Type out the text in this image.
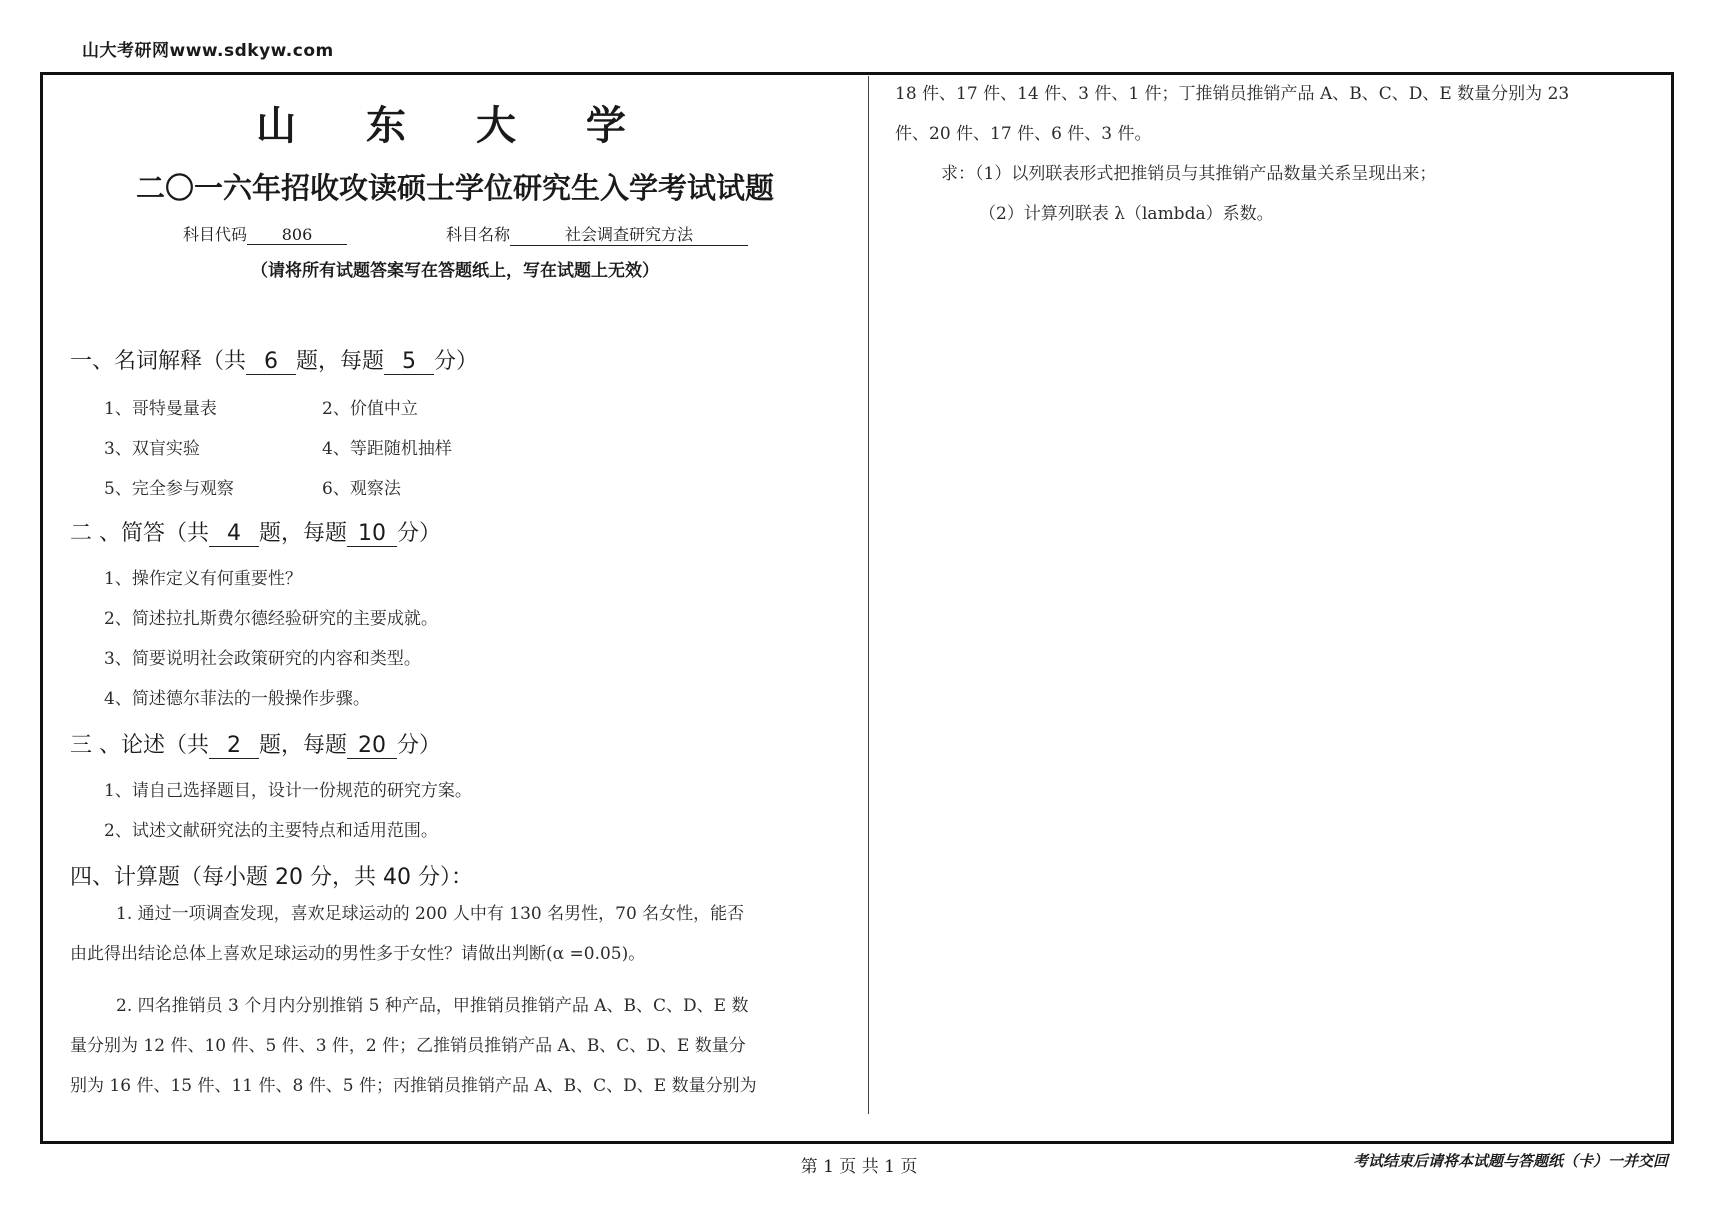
山大考研网www.sdkyw.com
山 东 大 学
二〇一六年招收攻读硕士学位研究生入学考试试题
科目代码 806	科目名称	社会调查研究方法
（请将所有试题答案写在答题纸上，写在试题上无效）
一、名词解释（共 6 题，每题 5 分）
1、哥特曼量表	2、价值中立
3、双盲实验	4、等距随机抽样
5、完全参与观察	6、观察法
二 、简答（共 4 题，每题 10 分）
1、操作定义有何重要性？
2、简述拉扎斯费尔德经验研究的主要成就。
3、简要说明社会政策研究的内容和类型。
4、简述德尔菲法的一般操作步骤。
三 、论述（共 2 题，每题 20 分）
1、请自己选择题目，设计一份规范的研究方案。
2、试述文献研究法的主要特点和适用范围。
四、计算题（每小题 20 分，共 40 分）：
1. 通过一项调查发现，喜欢足球运动的 200 人中有 130 名男性，70 名女性，能否
由此得出结论总体上喜欢足球运动的男性多于女性？请做出判断(α =0.05)。
2. 四名推销员 3 个月内分别推销 5 种产品，甲推销员推销产品 A、B、C、D、E 数
量分别为 12 件、10 件、5 件、3 件，2 件；乙推销员推销产品 A、B、C、D、E 数量分
别为 16 件、15 件、11 件、8 件、5 件；丙推销员推销产品 A、B、C、D、E 数量分别为
18 件、17 件、14 件、3 件、1 件；丁推销员推销产品 A、B、C、D、E 数量分别为 23
件、20 件、17 件、6 件、3 件。
求：（1）以列联表形式把推销员与其推销产品数量关系呈现出来；
（2）计算列联表 λ（lambda）系数。
第 1 页 共 1 页	考试结束后请将本试题与答题纸（卡）一并交回
